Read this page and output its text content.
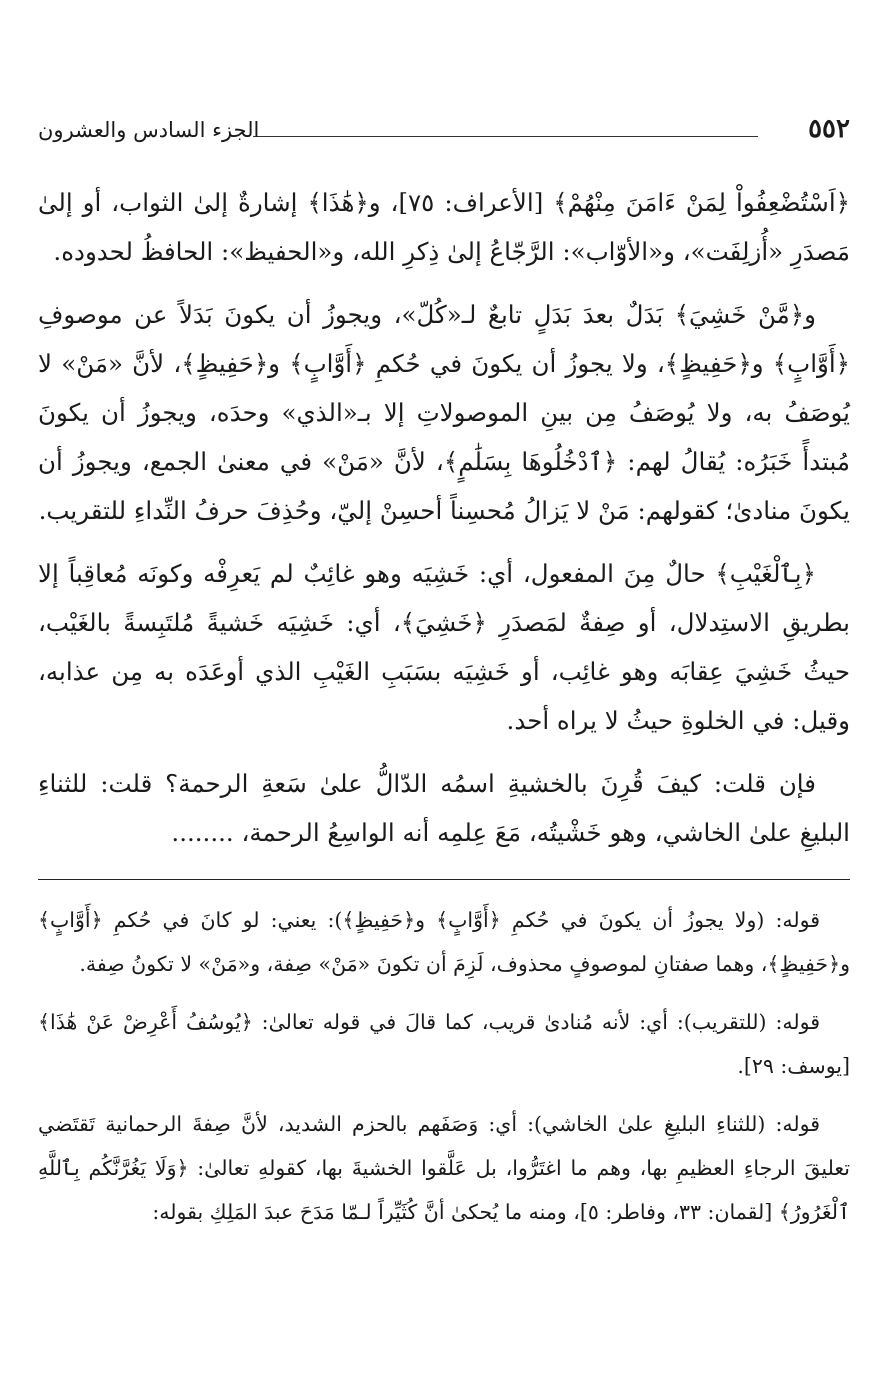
٥٥٢
الجزء السادس والعشرون

﴿اَسْتُضْعِفُواْ لِمَنْ ءَامَنَ مِنْهُمْ﴾ [الأعراف: ٧٥]، و﴿هَٰذَا﴾ إشارةٌ إلىٰ الثواب، أو إلىٰ مَصدَرِ «أُزلِفَت»، و«الأوّاب»: الرَّجّاعُ إلىٰ ذِكرِ الله، و«الحفيظ»: الحافظُ لحدوده.

و﴿مَّنْ خَشِيَ﴾ بَدَلٌ بعدَ بَدَلٍ تابعٌ لـ«كُلّ»، ويجوزُ أن يكونَ بَدَلاً عن موصوفِ ﴿أَوَّابٍ﴾ و﴿حَفِيظٍ﴾، ولا يجوزُ أن يكونَ في حُكمِ ﴿أَوَّابٍ﴾ و﴿حَفِيظٍ﴾، لأنَّ «مَنْ» لا يُوصَفُ به، ولا يُوصَفُ مِن بينِ الموصولاتِ إلا بـ«الذي» وحدَه، ويجوزُ أن يكونَ مُبتدأً خَبَرُه: يُقالُ لهم: ﴿ٱدْخُلُوهَا بِسَلَٰمٍ﴾، لأنَّ «مَنْ» في معنىٰ الجمع، ويجوزُ أن يكونَ منادىٰ؛ كقولهم: مَنْ لا يَزالُ مُحسِناً أحسِنْ إليّ، وحُذِفَ حرفُ النِّداءِ للتقريب.

﴿بِٱلْغَيْبِ﴾ حالٌ مِنَ المفعول، أي: خَشِيَه وهو غائِبٌ لم يَعرِفْه وكونَه مُعاقِباً إلا بطريقِ الاستِدلال، أو صِفةٌ لمَصدَرِ ﴿خَشِيَ﴾، أي: خَشِيَه خَشيةً مُلتَبِسةً بالغَيْب، حيثُ خَشِيَ عِقابَه وهو غائِب، أو خَشِيَه بسَبَبِ الغَيْبِ الذي أوعَدَه به مِن عذابه، وقيل: في الخلوةِ حيثُ لا يراه أحد.

فإن قلت: كيفَ قُرِنَ بالخشيةِ اسمُه الدّالُّ علىٰ سَعةِ الرحمة؟ قلت: للثناءِ البليغِ علىٰ الخاشي، وهو خَشْيتُه، مَعَ عِلمِه أنه الواسِعُ الرحمة، ........

قوله: (ولا يجوزُ أن يكونَ في حُكمِ ﴿أَوَّابٍ﴾ و﴿حَفِيظٍ﴾): يعني: لو كانَ في حُكمِ ﴿أَوَّابٍ﴾ و﴿حَفِيظٍ﴾، وهما صفتانِ لموصوفٍ محذوف، لَزِمَ أن تكونَ «مَنْ» صِفة، و«مَنْ» لا تكونُ صِفة.

قوله: (للتقريب): أي: لأنه مُنادىٰ قريب، كما قالَ في قوله تعالىٰ: ﴿يُوسُفُ أَعْرِضْ عَنْ هَٰذَا﴾ [يوسف: ٢٩].

قوله: (للثناءِ البليغِ علىٰ الخاشي): أي: وَصَفَهم بالحزم الشديد، لأنَّ صِفةَ الرحمانية تَقتَضي تعليقَ الرجاءِ العظيمِ بها، وهم ما اغتَرُّوا، بل عَلَّقوا الخشيةَ بها، كقولهِ تعالىٰ: ﴿وَلَا يَغُرَّنَّكُم بِٱللَّهِ ٱلْغَرُورُ﴾ [لقمان: ٣٣، وفاطر: ٥]، ومنه ما يُحكىٰ أنَّ كُثَيِّراً لـمّا مَدَحَ عبدَ المَلِكِ بقوله:
